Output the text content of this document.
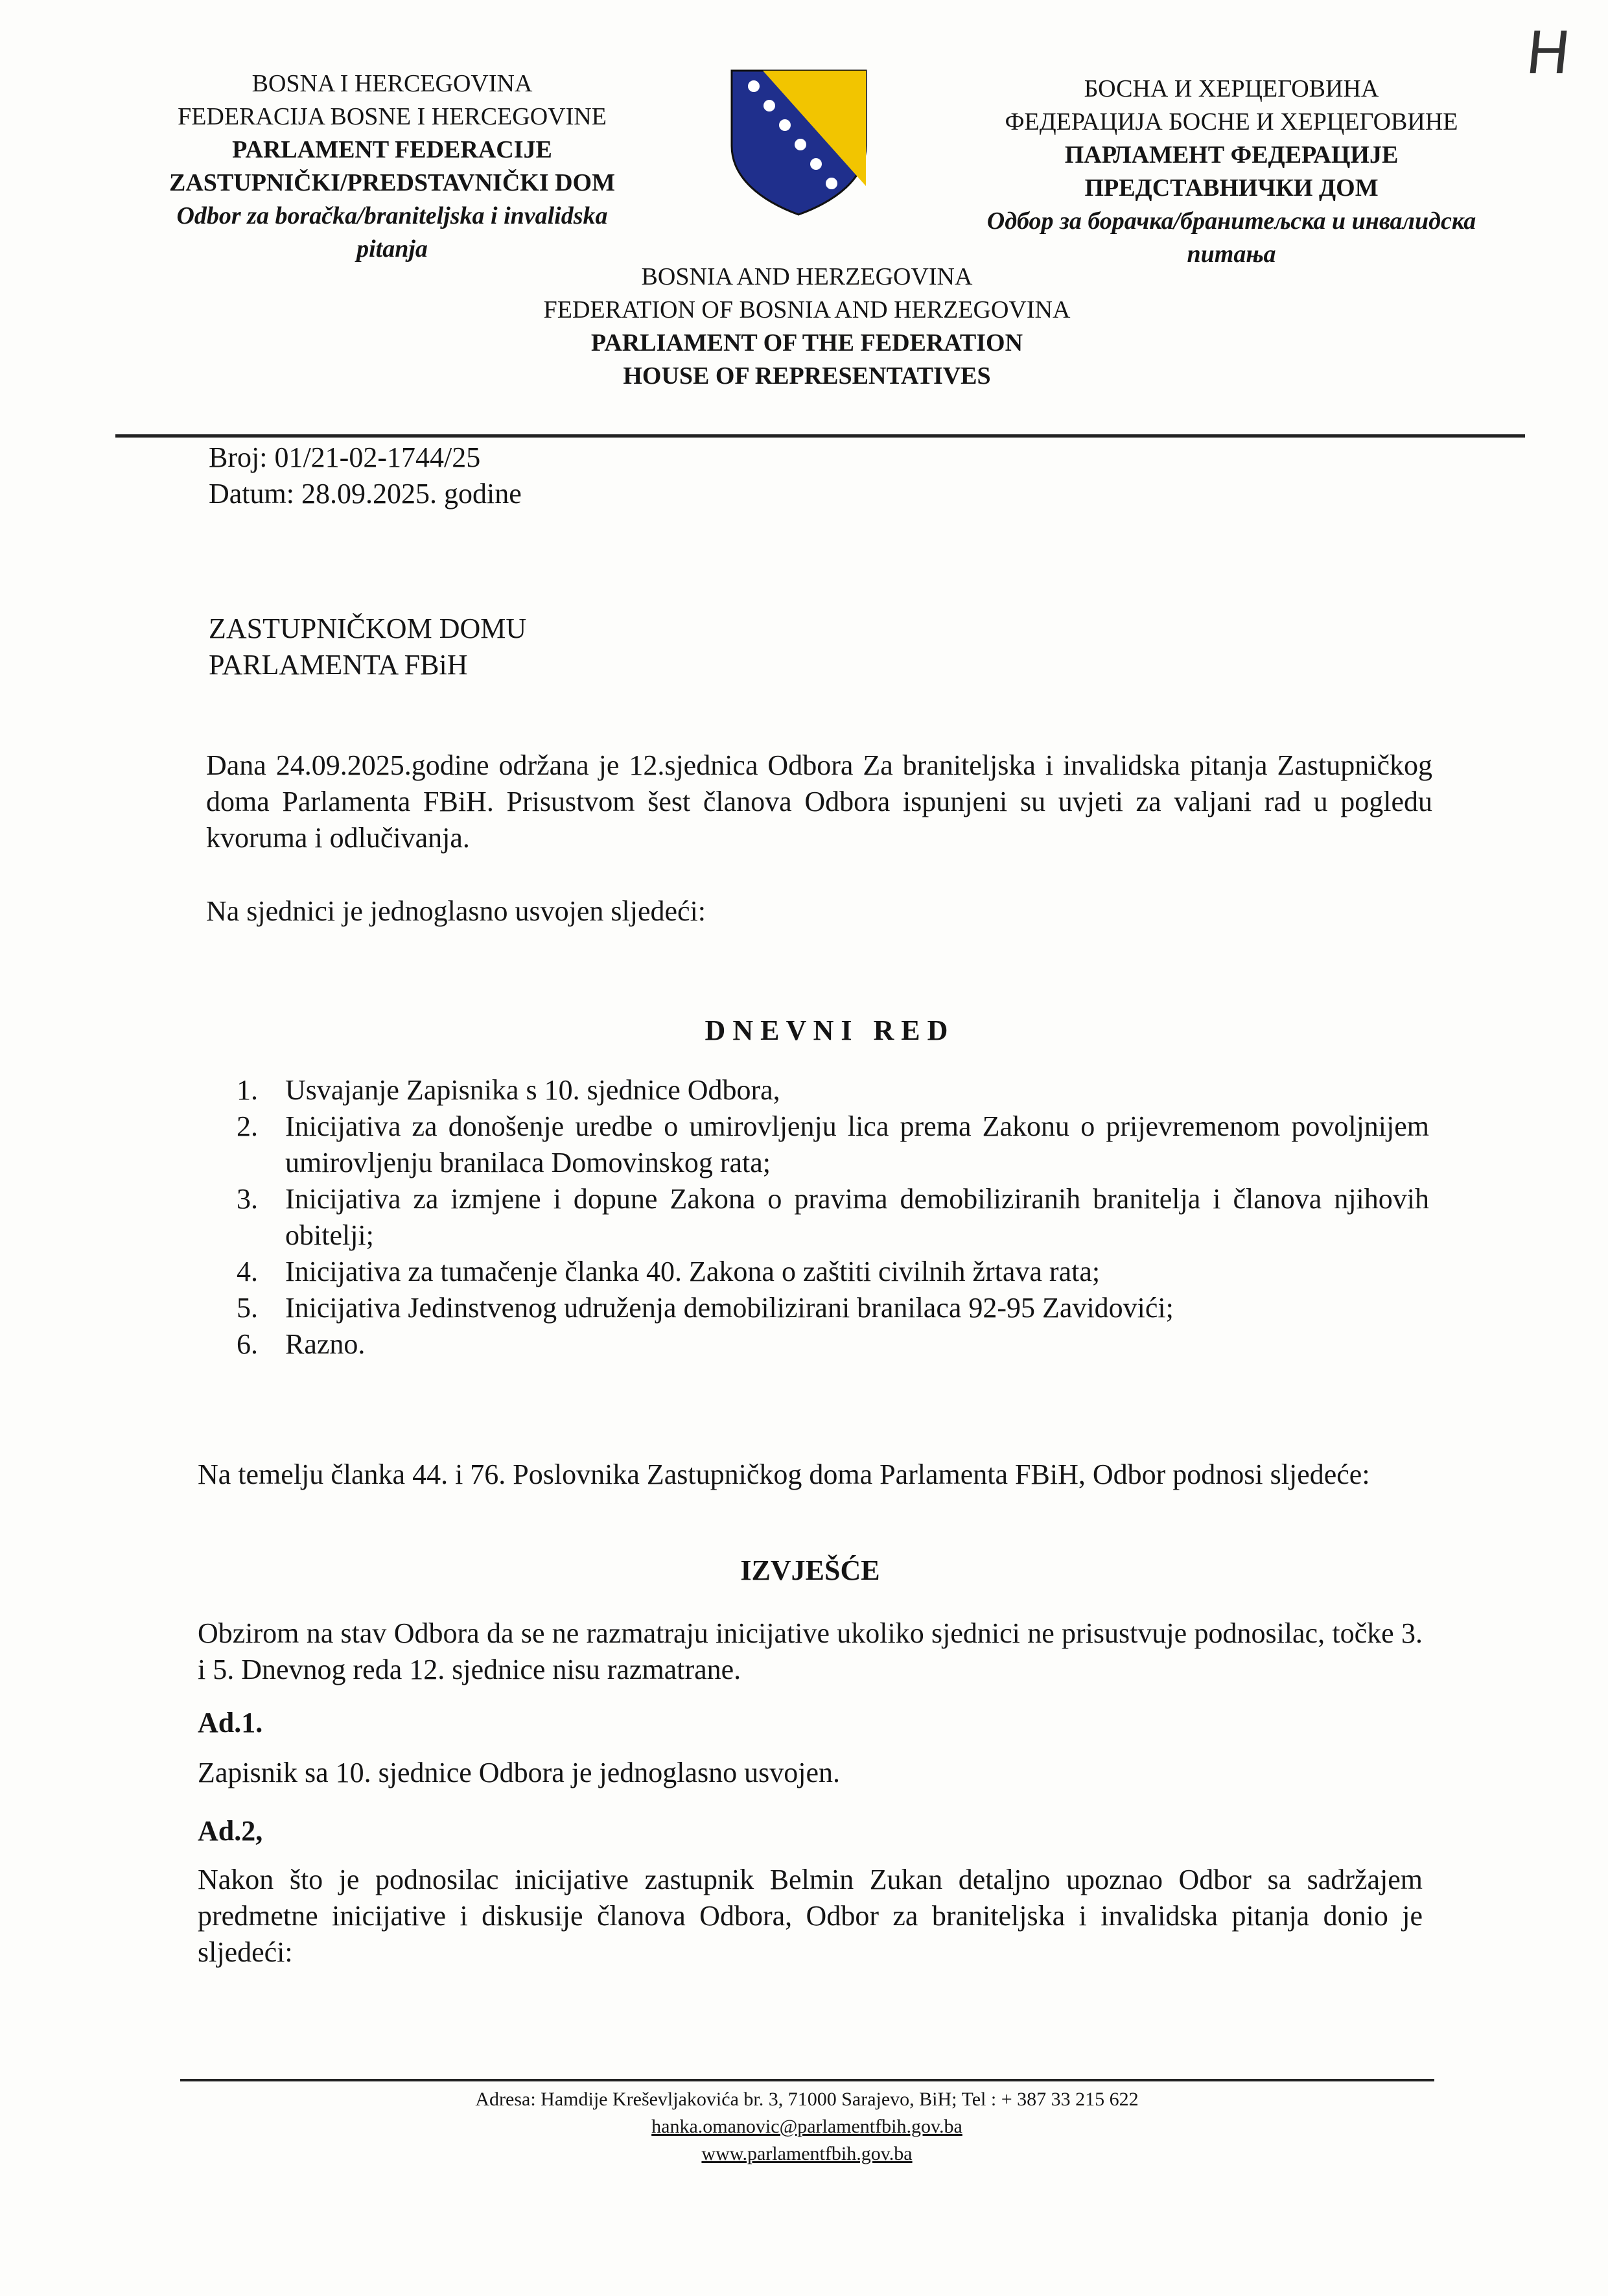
BOSNA I HERCEGOVINA
FEDERACIJA BOSNE I HERCEGOVINE
PARLAMENT FEDERACIJE
ZASTUPNIČKI/PREDSTAVNIČKI DOM
Odbor za boračka/braniteljska i invalidska
pitanja
БОСНА И ХЕРЦЕГОВИНА
ФЕДЕРАЦИЈА БОСНЕ И ХЕРЦЕГОВИНЕ
ПАРЛАМЕНТ ФЕДЕРАЦИЈЕ
ПРЕДСТАВНИЧКИ ДОМ
Одбор за борачка/бранитељска и инвалидска
питања
H
BOSNIA AND HERZEGOVINA
FEDERATION OF BOSNIA AND HERZEGOVINA
PARLIAMENT OF THE FEDERATION
HOUSE OF REPRESENTATIVES
Broj: 01/21-02-1744/25
Datum: 28.09.2025. godine
ZASTUPNIČKOM DOMU
PARLAMENTA FBiH
Dana 24.09.2025.godine održana je 12.sjednica Odbora Za braniteljska i invalidska pitanja Zastupničkog doma Parlamenta FBiH. Prisustvom šest članova Odbora ispunjeni su uvjeti za valjani rad u pogledu kvoruma i odlučivanja.
Na sjednici je jednoglasno usvojen sljedeći:
D N E V N I   R E D
1. Usvajanje Zapisnika s 10. sjednice Odbora,
2. Inicijativa za donošenje uredbe o umirovljenju lica prema Zakonu o prijevremenom povoljnijem umirovljenju branilaca Domovinskog rata;
3. Inicijativa za izmjene i dopune Zakona o pravima demobiliziranih branitelja i članova njihovih obitelji;
4. Inicijativa za tumačenje članka 40. Zakona o zaštiti civilnih žrtava rata;
5. Inicijativa Jedinstvenog udruženja demobilizirani branilaca 92-95 Zavidovići;
6. Razno.
Na temelju članka 44. i 76. Poslovnika Zastupničkog doma Parlamenta FBiH, Odbor podnosi sljedeće:
IZVJEŠĆE
Obzirom na stav Odbora da se ne razmatraju inicijative ukoliko sjednici ne prisustvuje podnosilac, točke 3. i 5. Dnevnog reda 12. sjednice nisu razmatrane.
Ad.1.
Zapisnik sa 10. sjednice Odbora je jednoglasno usvojen.
Ad.2,
Nakon što je podnosilac inicijative zastupnik Belmin Zukan detaljno upoznao Odbor sa sadržajem predmetne inicijative i diskusije članova Odbora, Odbor za braniteljska i invalidska pitanja donio je sljedeći:
Adresa: Hamdije Kreševljakovića br. 3, 71000 Sarajevo, BiH; Tel : + 387 33 215 622
hanka.omanovic@parlamentfbih.gov.ba
www.parlamentfbih.gov.ba
